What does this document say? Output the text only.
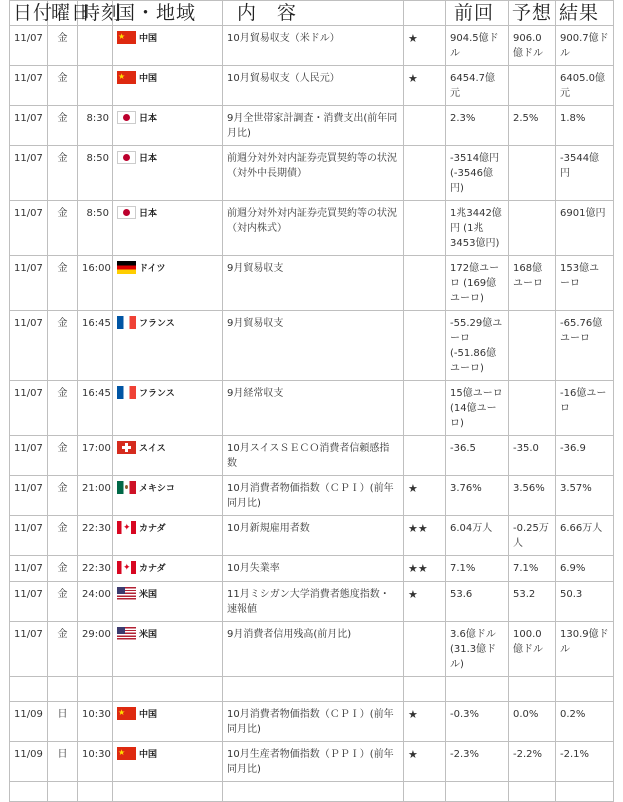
日付	曜日	時刻	国・地域	内　容		前回	予想	結果
11/07	金		★中国	10月貿易収支（米ドル）	★	904.5億ドル	906.0億ドル	900.7億ドル
11/07	金		★中国	10月貿易収支（人民元）	★	6454.7億元		6405.0億元
11/07	金	8:30	日本	9月全世帯家計調査・消費支出(前年同月比)		2.3%	2.5%	1.8%
11/07	金	8:50	日本	前週分対外対内証券売買契約等の状況（対外中長期債）		-3514億円 (-3546億円)		-3544億円
11/07	金	8:50	日本	前週分対外対内証券売買契約等の状況（対内株式）		1兆3442億円 (1兆3453億円)		6901億円
11/07	金	16:00	ドイツ	9月貿易収支		172億ユーロ (169億ユーロ)	168億ユーロ	153億ユーロ
11/07	金	16:45	フランス	9月貿易収支		-55.29億ユーロ (-51.86億ユーロ)		-65.76億ユーロ
11/07	金	16:45	フランス	9月経常収支		15億ユーロ (14億ユーロ)		-16億ユーロ
11/07	金	17:00	スイス	10月スイスＳＥＣＯ消費者信頼感指数		-36.5	-35.0	-36.9
11/07	金	21:00	メキシコ	10月消費者物価指数（ＣＰＩ）(前年同月比)	★	3.76%	3.56%	3.57%
11/07	金	22:30	✦カナダ	10月新規雇用者数	★★	6.04万人	-0.25万人	6.66万人
11/07	金	22:30	✦カナダ	10月失業率	★★	7.1%	7.1%	6.9%
11/07	金	24:00	米国	11月ミシガン大学消費者態度指数・速報値	★	53.6	53.2	50.3
11/07	金	29:00	米国	9月消費者信用残高(前月比)		3.6億ドル (31.3億ドル)	100.0億ドル	130.9億ドル

11/09	日	10:30	★中国	10月消費者物価指数（ＣＰＩ）(前年同月比)	★	-0.3%	0.0%	0.2%
11/09	日	10:30	★中国	10月生産者物価指数（ＰＰＩ）(前年同月比)	★	-2.3%	-2.2%	-2.1%
